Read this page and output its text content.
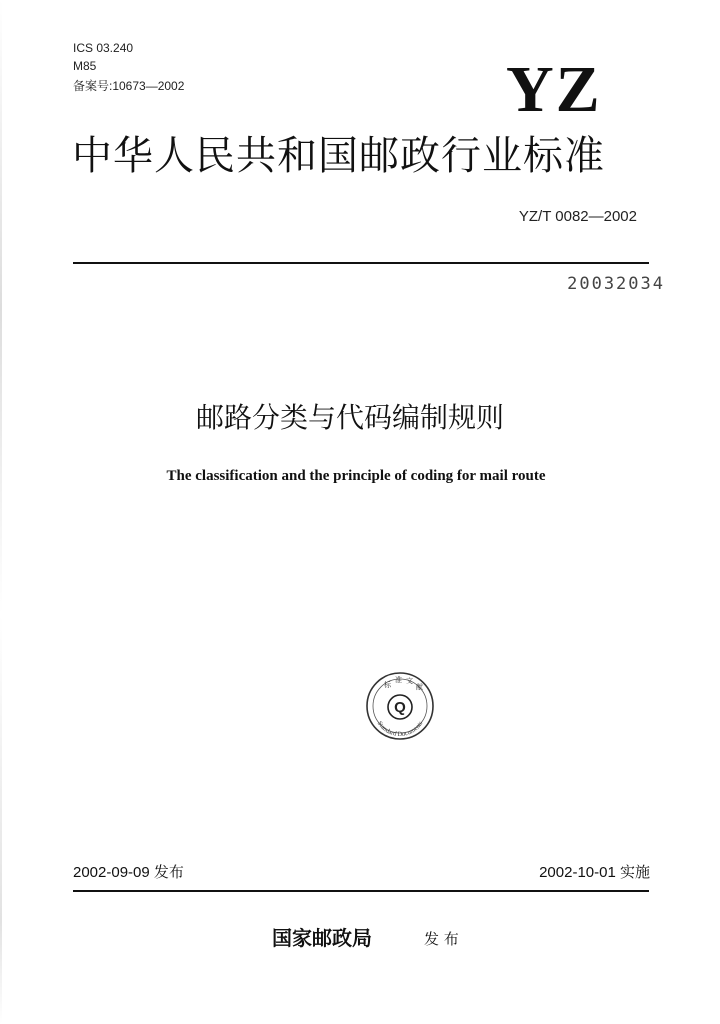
ICS 03.240
M85
备案号:10673—2002	YZ
中华人民共和国邮政行业标准
YZ/T 0082—2002
20032034
邮路分类与代码编制规则
The classification and the principle of coding for mail route
Q
标
准 文
献
Standard Documents
2002-09-09 发布	2002-10-01 实施
国家邮政局	发 布
